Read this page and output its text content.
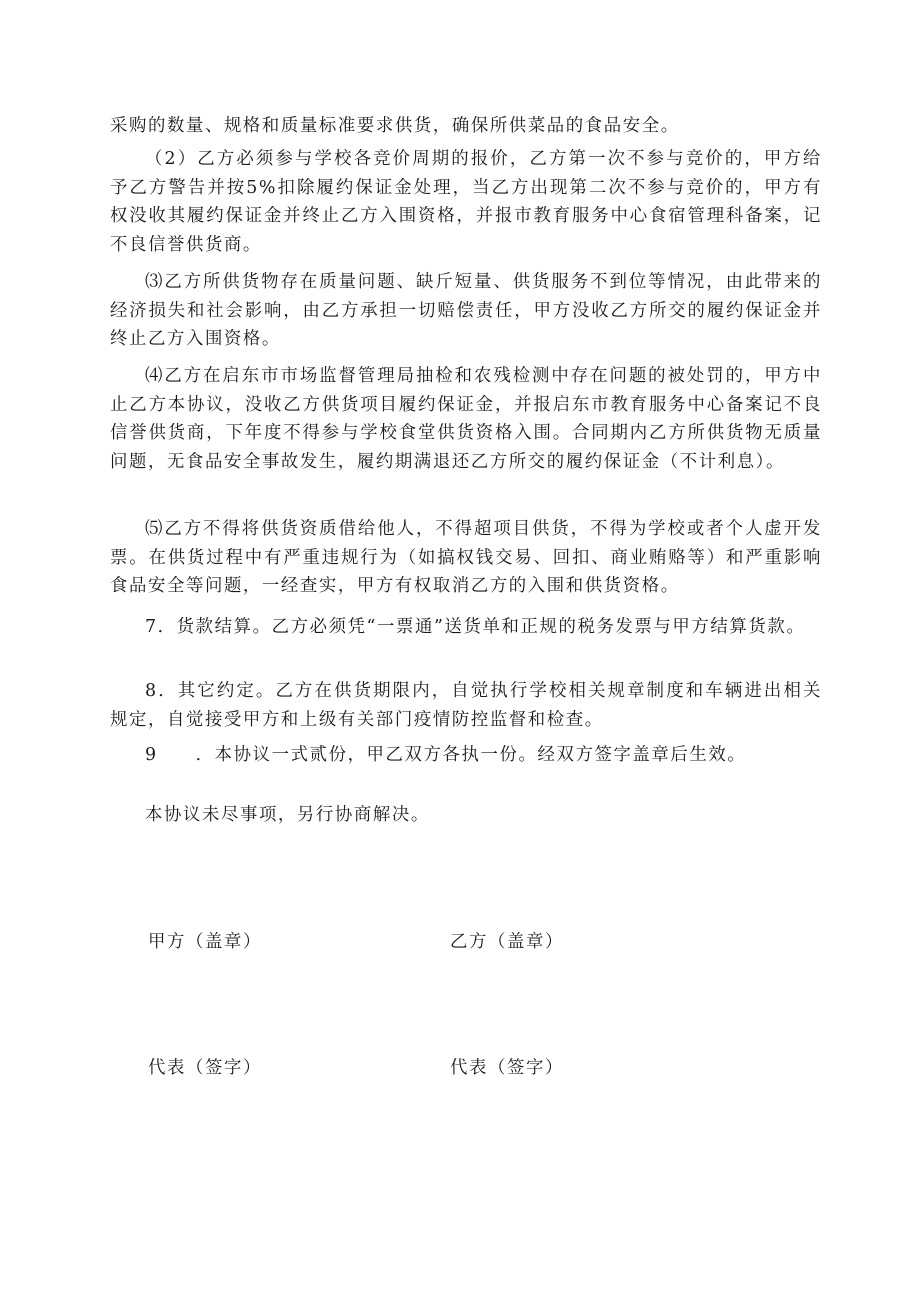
采购的数量、规格和质量标准要求供货，确保所供菜品的食品安全。

（2）乙方必须参与学校各竞价周期的报价，乙方第一次不参与竞价的，甲方给予乙方警告并按5%扣除履约保证金处理，当乙方出现第二次不参与竞价的，甲方有权没收其履约保证金并终止乙方入围资格，并报市教育服务中心食宿管理科备案，记不良信誉供货商。

⑶乙方所供货物存在质量问题、缺斤短量、供货服务不到位等情况，由此带来的经济损失和社会影响，由乙方承担一切赔偿责任，甲方没收乙方所交的履约保证金并终止乙方入围资格。

⑷乙方在启东市市场监督管理局抽检和农残检测中存在问题的被处罚的，甲方中止乙方本协议，没收乙方供货项目履约保证金，并报启东市教育服务中心备案记不良信誉供货商，下年度不得参与学校食堂供货资格入围。合同期内乙方所供货物无质量问题，无食品安全事故发生，履约期满退还乙方所交的履约保证金（不计利息）。

⑸乙方不得将供货资质借给他人，不得超项目供货，不得为学校或者个人虚开发票。在供货过程中有严重违规行为（如搞权钱交易、回扣、商业贿赂等）和严重影响食品安全等问题，一经查实，甲方有权取消乙方的入围和供货资格。

7．货款结算。乙方必须凭“一票通”送货单和正规的税务发票与甲方结算货款。

8．其它约定。乙方在供货期限内，自觉执行学校相关规章制度和车辆进出相关规定，自觉接受甲方和上级有关部门疫情防控监督和检查。

9　　．本协议一式贰份，甲乙双方各执一份。经双方签字盖章后生效。

本协议未尽事项，另行协商解决。

甲方（盖章）	乙方（盖章）

代表（签字）	代表（签字）
